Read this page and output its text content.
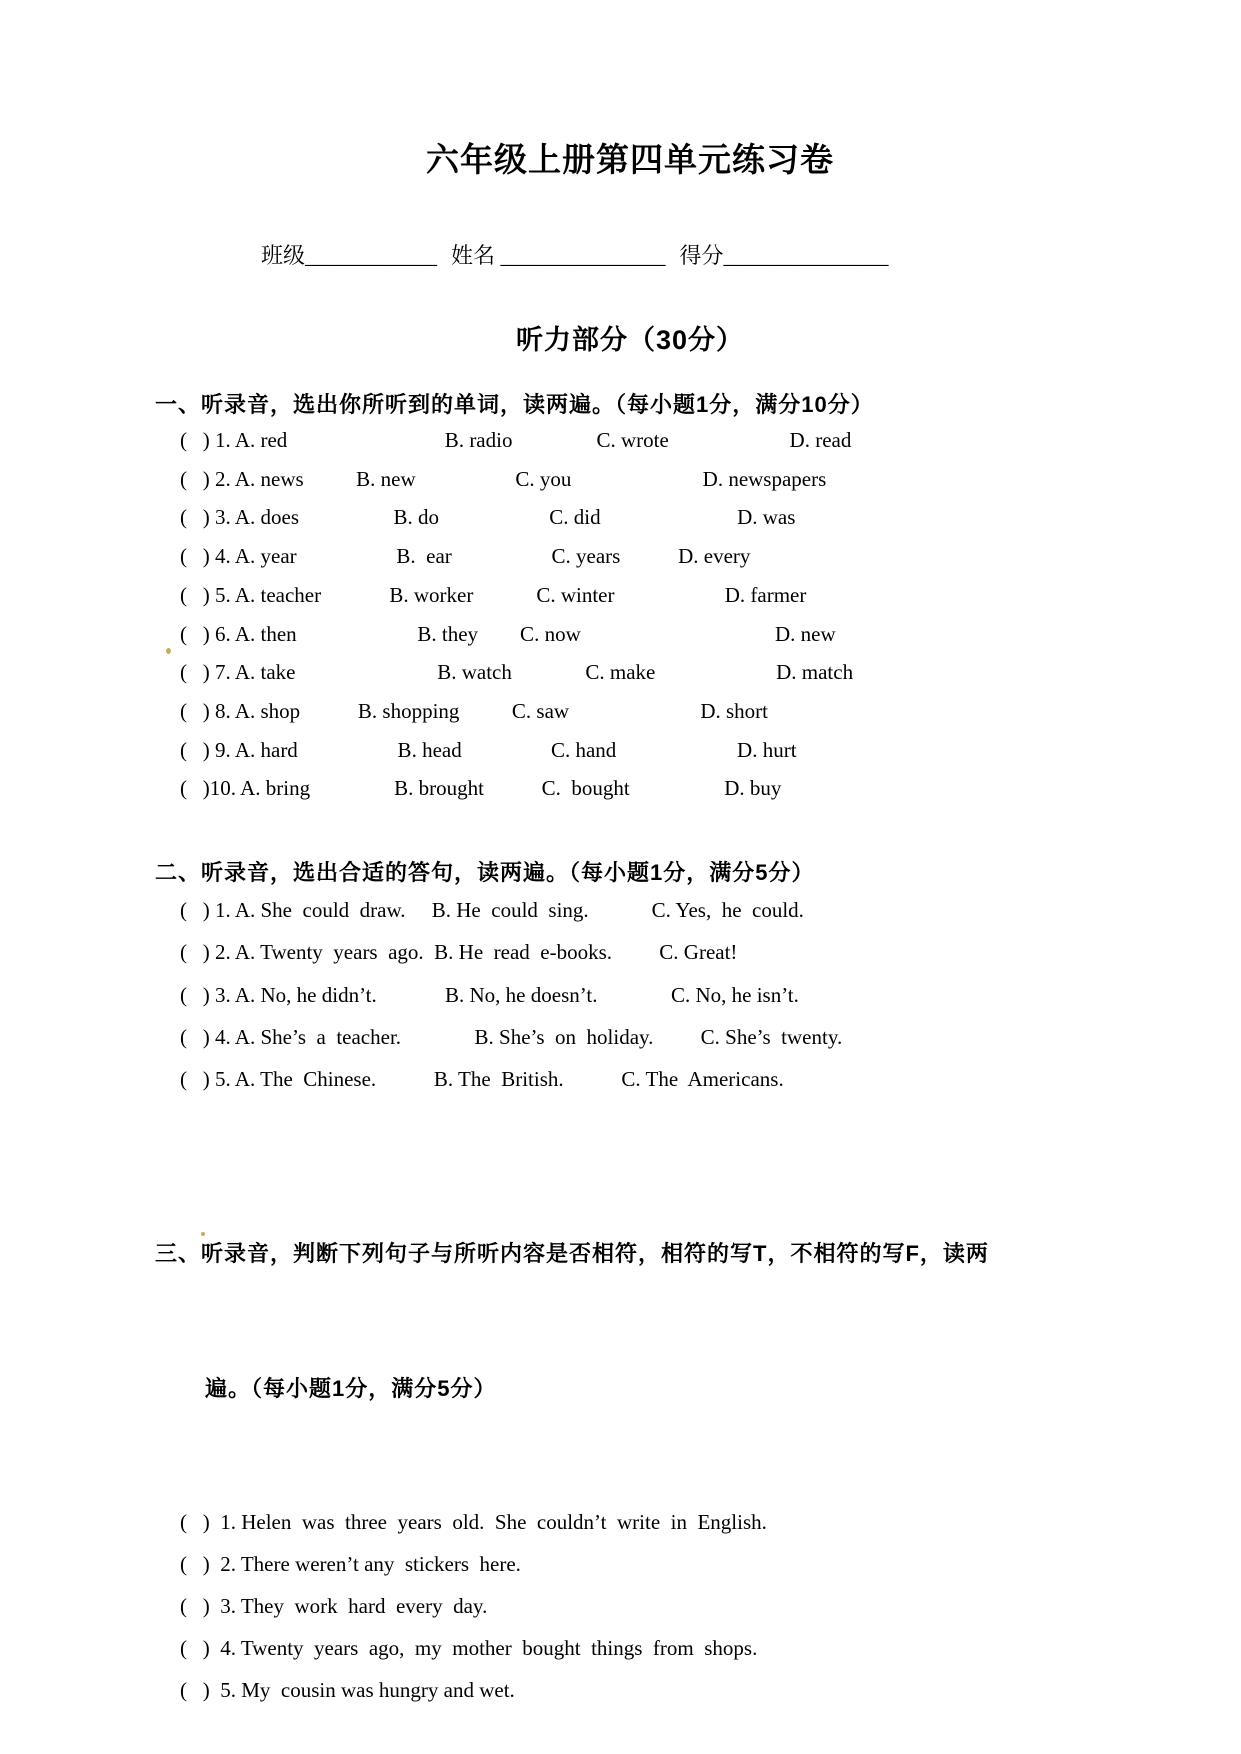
六年级上册第四单元练习卷

班级____________ 姓名 _______________ 得分_______________

听力部分（30分）
一、听录音，选出你所听到的单词，读两遍。（每小题1分，满分10分）
(   ) 1. A. red                              B. radio                C. wrote                       D. read
(   ) 2. A. news          B. new                   C. you                         D. newspapers
(   ) 3. A. does                  B. do                     C. did                          D. was
(   ) 4. A. year                   B.  ear                   C. years           D. every
(   ) 5. A. teacher             B. worker            C. winter                     D. farmer
(   ) 6. A. then                       B. they        C. now                                     D. new
(   ) 7. A. take                           B. watch              C. make                       D. match
(   ) 8. A. shop           B. shopping          C. saw                         D. short
(   ) 9. A. hard                   B. head                 C. hand                       D. hurt
(   )10. A. bring                B. brought           C.  bought                  D. buy
二、听录音，选出合适的答句，读两遍。（每小题1分，满分5分）
(   ) 1. A. She  could  draw.     B. He  could  sing.            C. Yes,  he  could.
(   ) 2. A. Twenty  years  ago.  B. He  read  e-books.         C. Great!
(   ) 3. A. No, he didn’t.             B. No, he doesn’t.              C. No, he isn’t.
(   ) 4. A. She’s  a  teacher.              B. She’s  on  holiday.         C. She’s  twenty.
(   ) 5. A. The  Chinese.           B. The  British.           C. The  Americans.

三、听录音，判断下列句子与所听内容是否相符，相符的写T，不相符的写F，读两

遍。（每小题1分，满分5分）

(   )  1. Helen  was  three  years  old.  She  couldn’t  write  in  English.
(   )  2. There weren’t any  stickers  here.
(   )  3. They  work  hard  every  day.
(   )  4. Twenty  years  ago,  my  mother  bought  things  from  shops.
(   )  5. My  cousin was hungry and wet.
